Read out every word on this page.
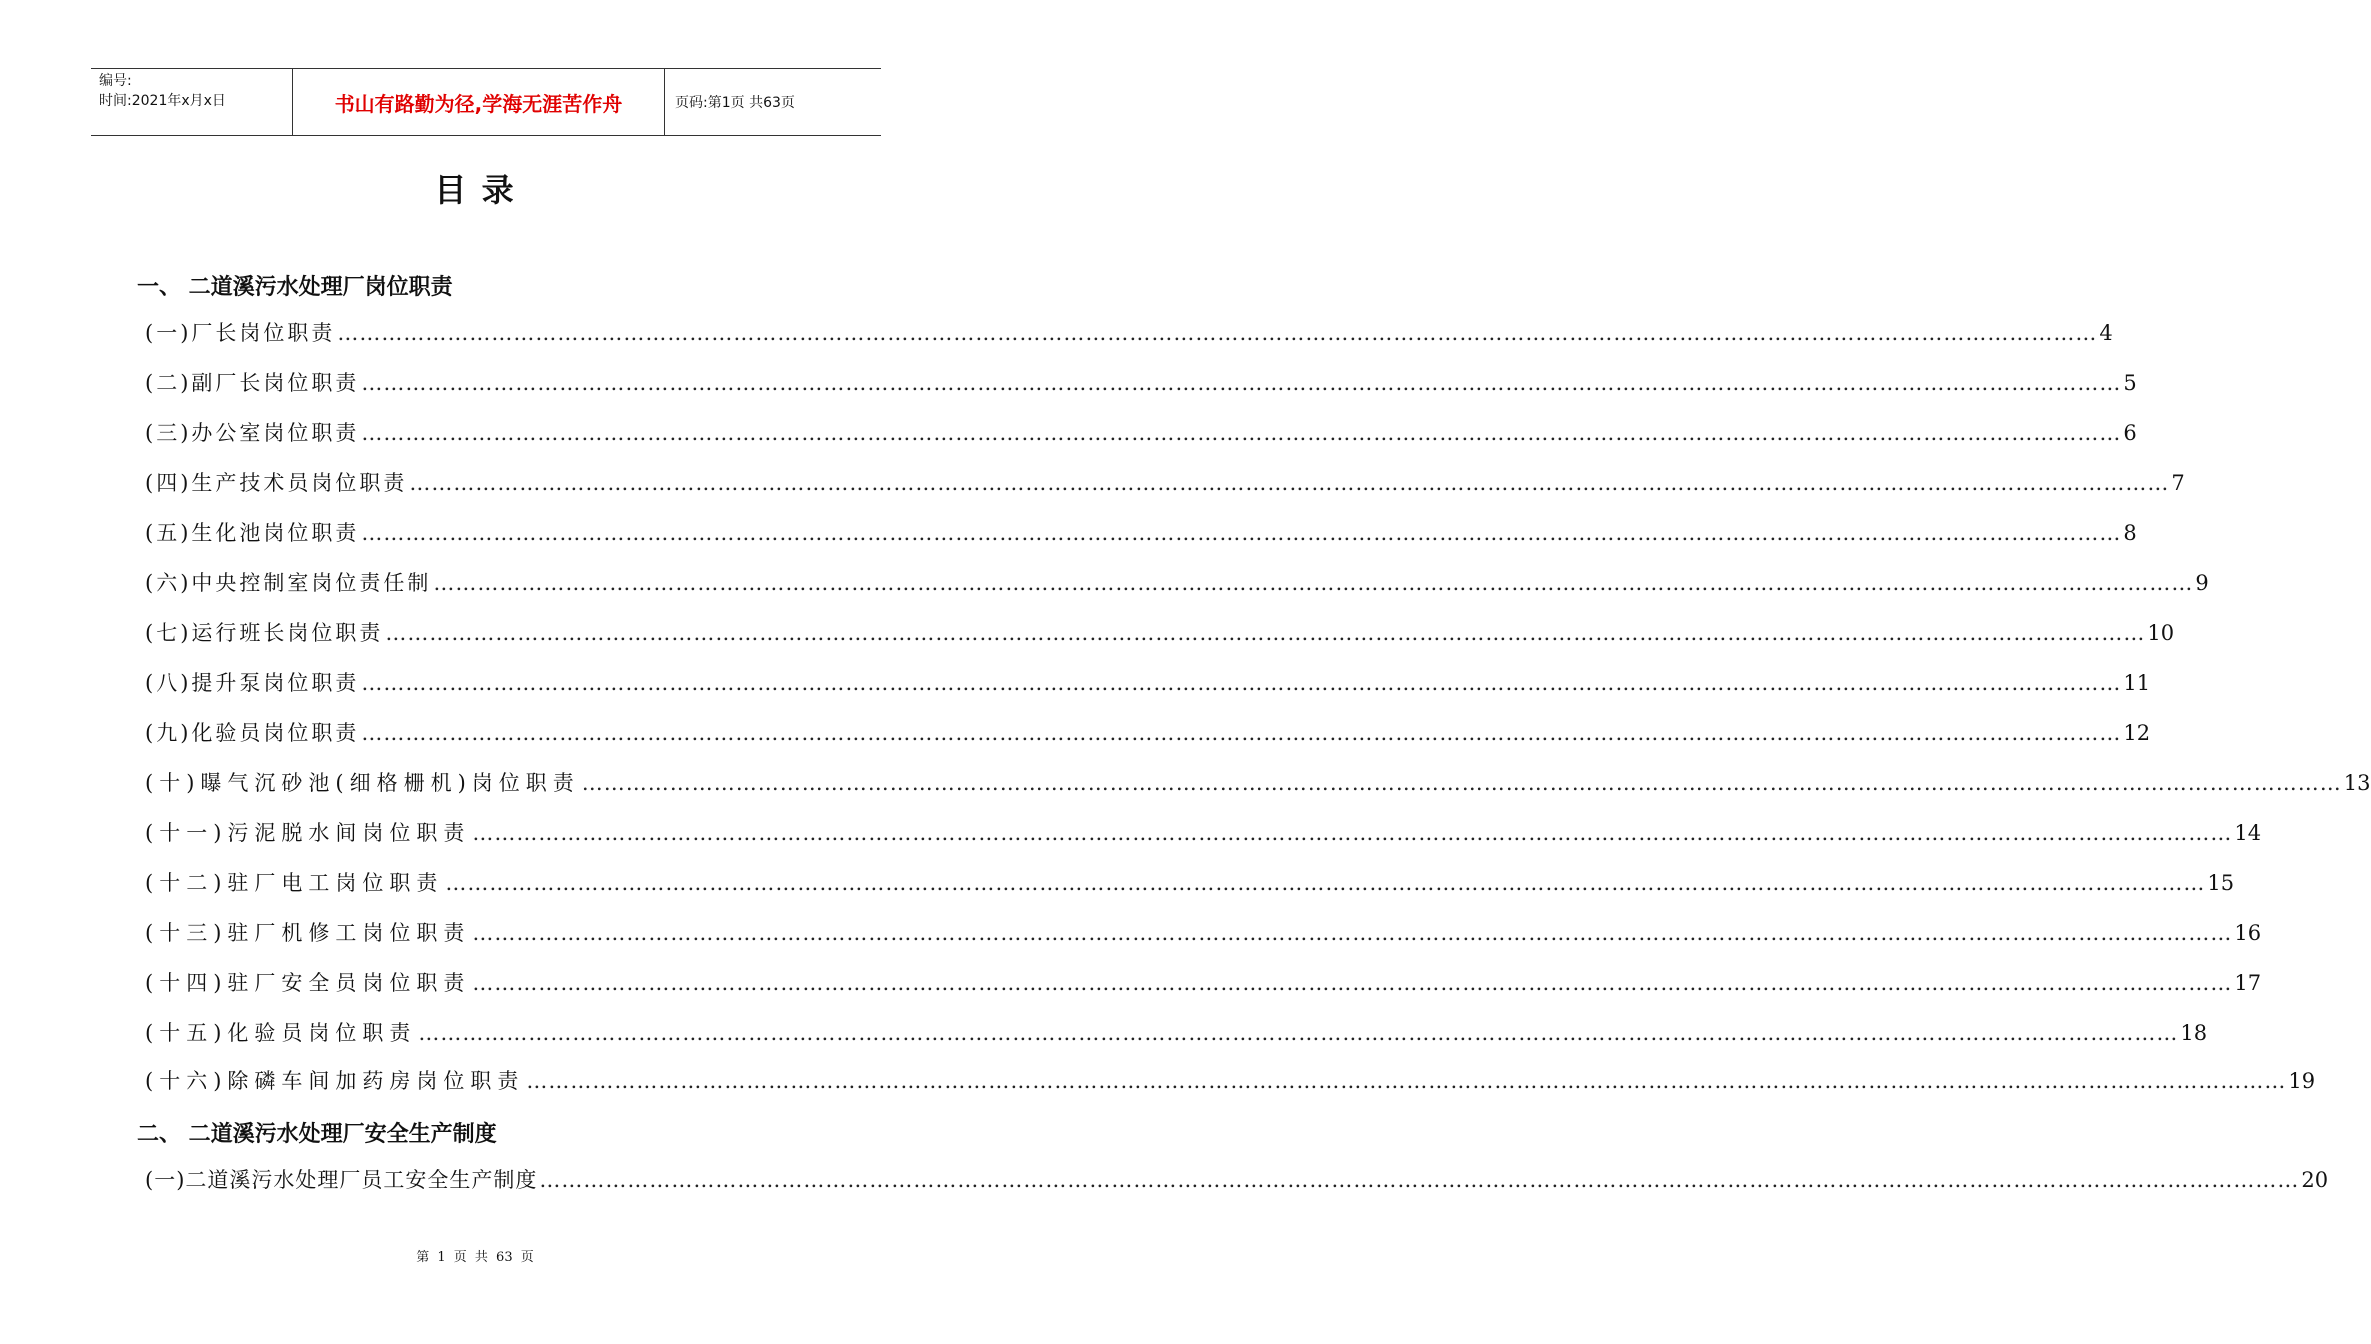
编号:
时间:2021年x月x日	书山有路勤为径,学海无涯苦作舟	页码:第1页 共63页
目 录
一、 二道溪污水处理厂岗位职责
(一)厂长岗位职责 …………………………………………………………………………………………………………………………………………………………………………………………………………………… 4
(二)副厂长岗位职责 …………………………………………………………………………………………………………………………………………………………………………………………………………………… 5
(三)办公室岗位职责 …………………………………………………………………………………………………………………………………………………………………………………………………………………… 6
(四)生产技术员岗位职责 …………………………………………………………………………………………………………………………………………………………………………………………………………………… 7
(五)生化池岗位职责 …………………………………………………………………………………………………………………………………………………………………………………………………………………… 8
(六)中央控制室岗位责任制 …………………………………………………………………………………………………………………………………………………………………………………………………………………… 9
(七)运行班长岗位职责 …………………………………………………………………………………………………………………………………………………………………………………………………………………… 10
(八)提升泵岗位职责 …………………………………………………………………………………………………………………………………………………………………………………………………………………… 11
(九)化验员岗位职责 …………………………………………………………………………………………………………………………………………………………………………………………………………………… 12
(十)曝气沉砂池(细格栅机)岗位职责 …………………………………………………………………………………………………………………………………………………………………………………………………………………… 13
(十一)污泥脱水间岗位职责 …………………………………………………………………………………………………………………………………………………………………………………………………………………… 14
(十二)驻厂电工岗位职责 …………………………………………………………………………………………………………………………………………………………………………………………………………………… 15
(十三)驻厂机修工岗位职责 …………………………………………………………………………………………………………………………………………………………………………………………………………………… 16
(十四)驻厂安全员岗位职责 …………………………………………………………………………………………………………………………………………………………………………………………………………………… 17
(十五)化验员岗位职责 …………………………………………………………………………………………………………………………………………………………………………………………………………………… 18
(十六)除磷车间加药房岗位职责 …………………………………………………………………………………………………………………………………………………………………………………………………………………… 19
二、 二道溪污水处理厂安全生产制度
(一)二道溪污水处理厂员工安全生产制度 …………………………………………………………………………………………………………………………………………………………………………………………………………………… 20
第 1 页 共 63 页
